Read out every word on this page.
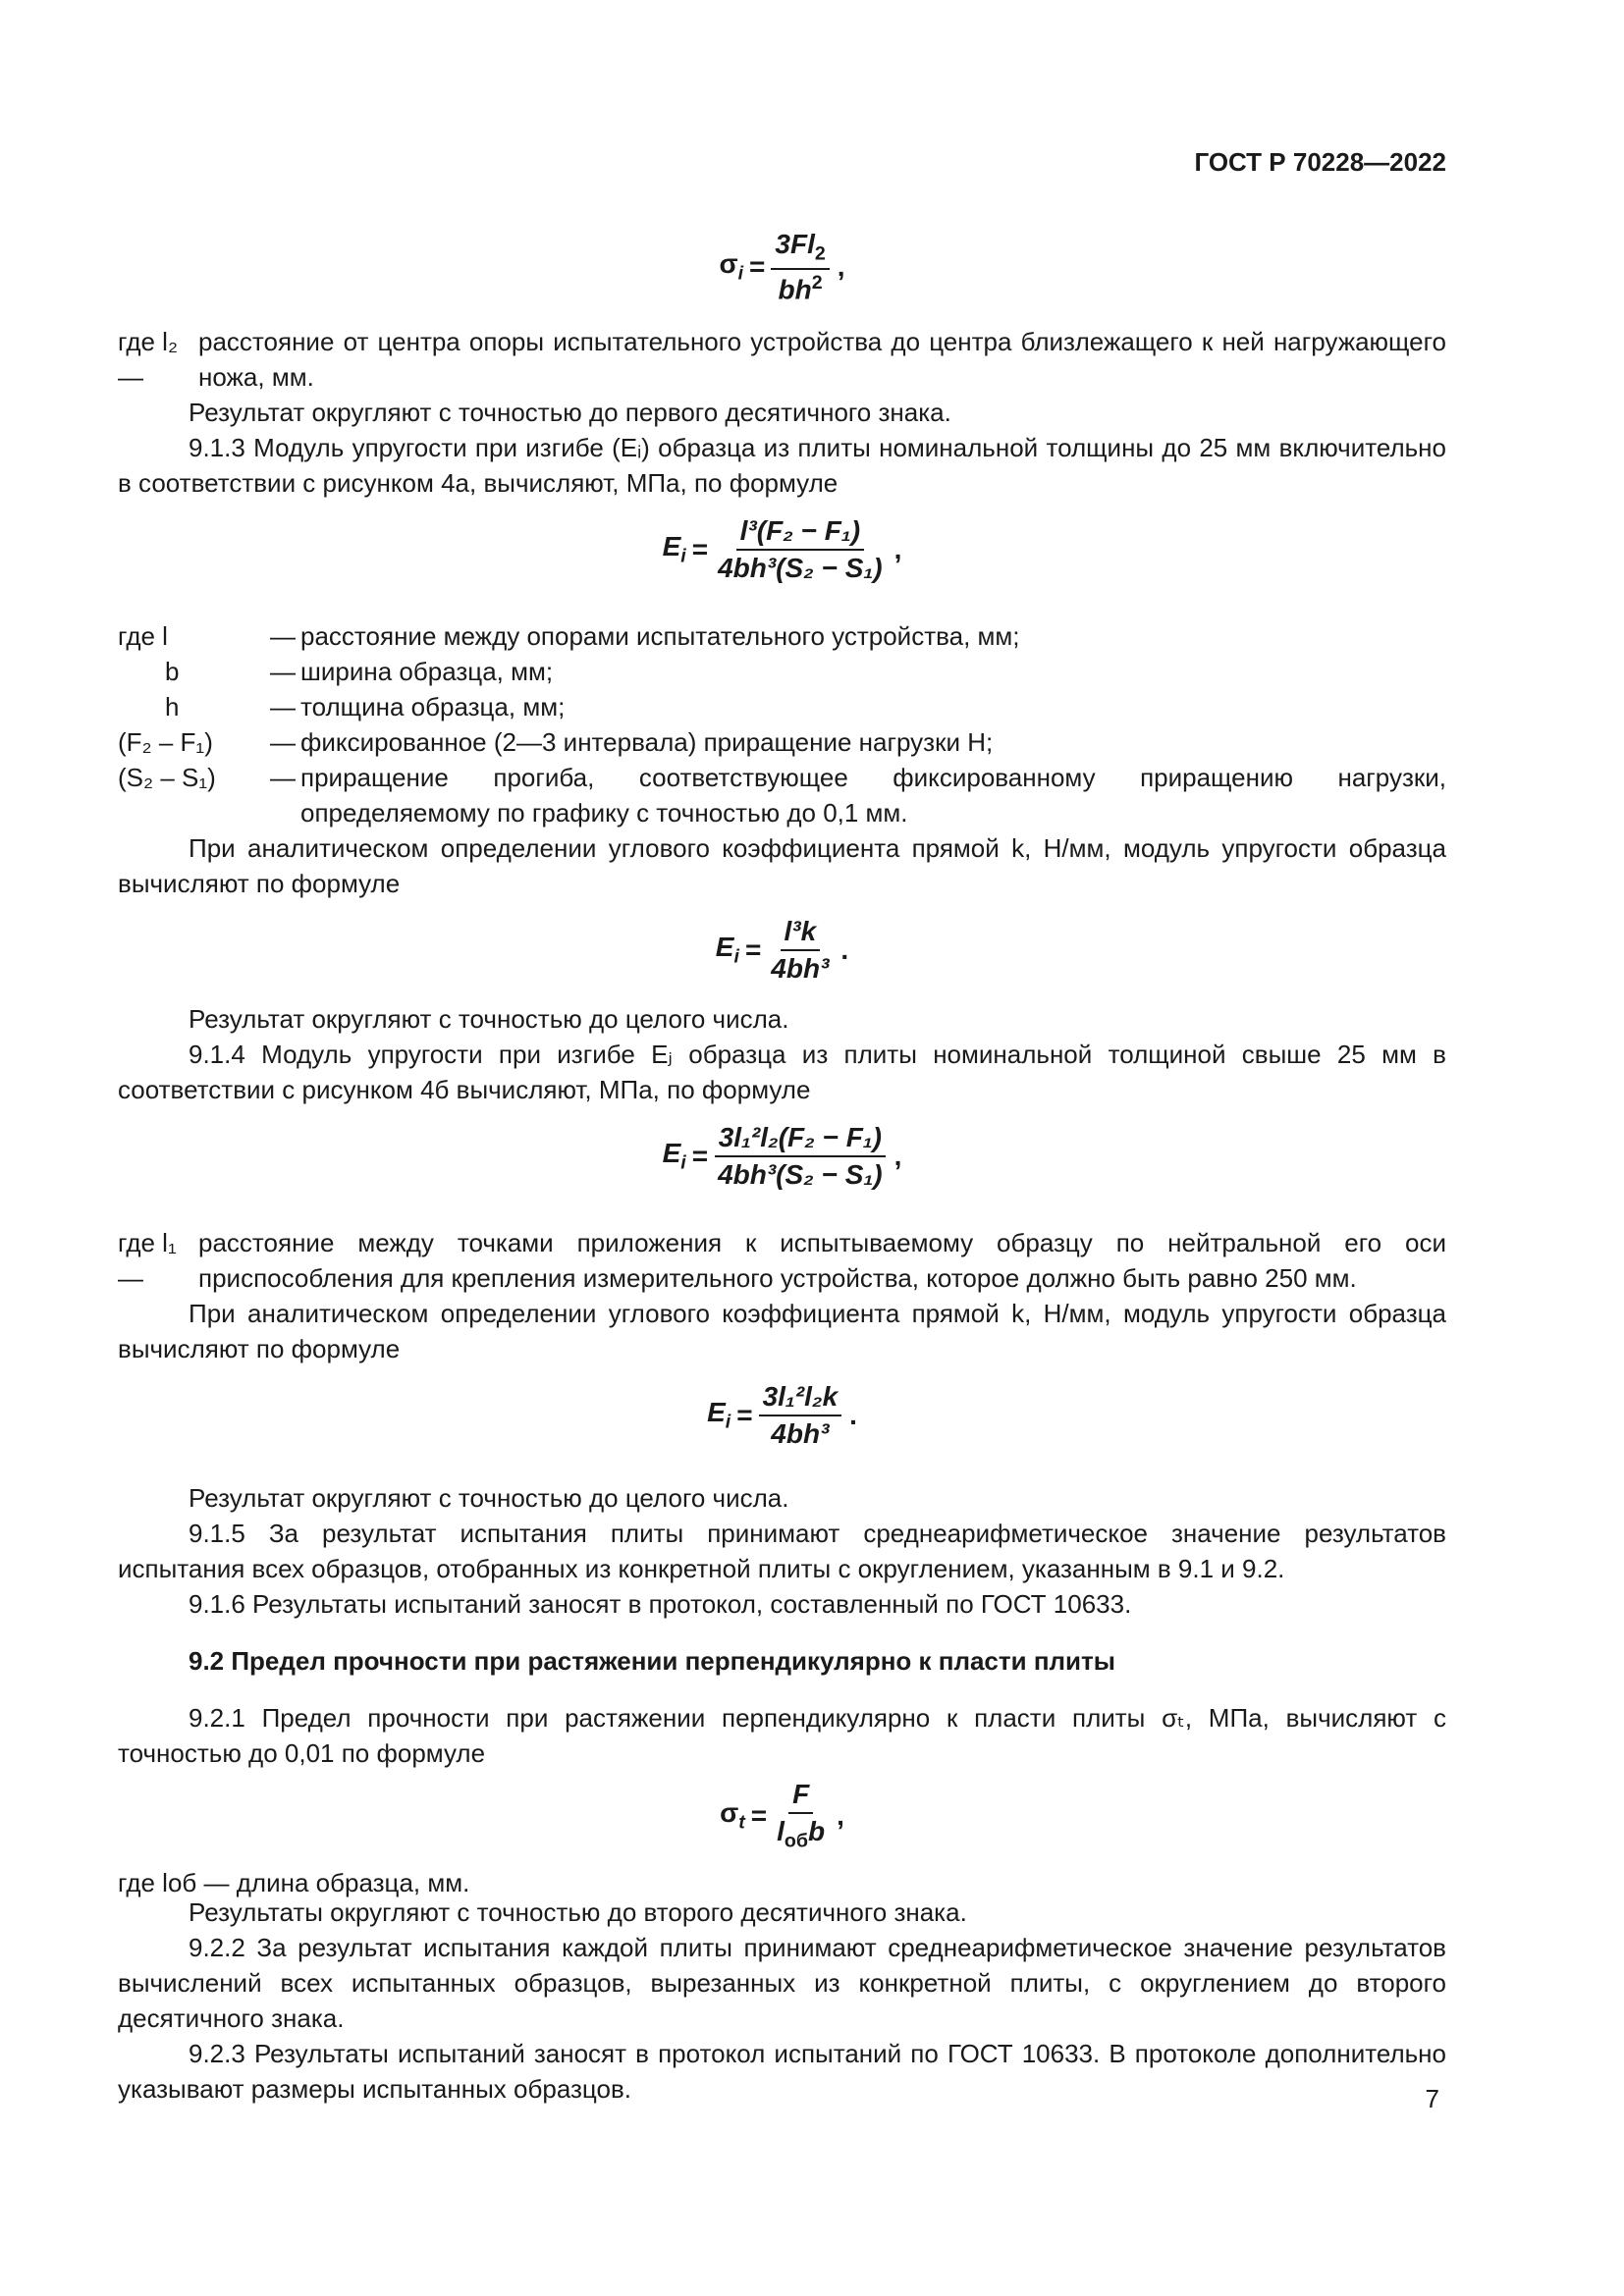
ГОСТ Р 70228—2022
$\sigma_i = \frac{3Fl_2}{bh^2}$ ,
где l₂ —
расстояние от центра опоры испытательного устройства до центра близлежащего к ней нагружающего ножа, мм.
Результат округляют с точностью до первого десятичного знака.
9.1.3 Модуль упругости при изгибе (Eᵢ) образца из плиты номинальной толщины до 25 мм включительно в соответствии с рисунком 4а, вычисляют, МПа, по формуле
$E_i = \frac{\text{l³(F₂ − F₁)}}{\text{4bh³(S₂ − S₁)}}$ ,
где l	— расстояние между опорами испытательного устройства, мм;
b	— ширина образца, мм;
h	— толщина образца, мм;
(F₂ – F₁)	— фиксированное (2—3 интервала) приращение нагрузки Н;
(S₂ – S₁)	— приращение прогиба, соответствующее фиксированному приращению нагрузки, определяемому по графику с точностью до 0,1 мм.
При аналитическом определении углового коэффициента прямой k, Н/мм, модуль упругости образца вычисляют по формуле
$E_i = \frac{\text{l³k}}{\text{4bh³}}$ .
Результат округляют с точностью до целого числа.
9.1.4 Модуль упругости при изгибе Eⱼ образца из плиты номинальной толщиной свыше 25 мм в соответствии с рисунком 4б вычисляют, МПа, по формуле
$E_i = \frac{\text{3l₁²l₂(F₂ − F₁)}}{\text{4bh³(S₂ − S₁)}}$ ,
где l₁ —
расстояние между точками приложения к испытываемому образцу по нейтральной его оси приспособления для крепления измерительного устройства, которое должно быть равно 250 мм.
При аналитическом определении углового коэффициента прямой k, Н/мм, модуль упругости образца вычисляют по формуле
$E_i = \frac{\text{3l₁²l₂k}}{\text{4bh³}}$ .
Результат округляют с точностью до целого числа.
9.1.5 За результат испытания плиты принимают среднеарифметическое значение результатов испытания всех образцов, отобранных из конкретной плиты с округлением, указанным в 9.1 и 9.2.
9.1.6 Результаты испытаний заносят в протокол, составленный по ГОСТ 10633.
9.2 Предел прочности при растяжении перпендикулярно к пласти плиты
9.2.1 Предел прочности при растяжении перпендикулярно к пласти плиты σₜ, МПа, вычисляют с точностью до 0,01 по формуле
$\sigma_t = \frac{F}{l_{об}b}$ ,
где lоб — длина образца, мм.
Результаты округляют с точностью до второго десятичного знака.
9.2.2 За результат испытания каждой плиты принимают среднеарифметическое значение результатов вычислений всех испытанных образцов, вырезанных из конкретной плиты, с округлением до второго десятичного знака.
9.2.3 Результаты испытаний заносят в протокол испытаний по ГОСТ 10633. В протоколе дополнительно указывают размеры испытанных образцов.	7
